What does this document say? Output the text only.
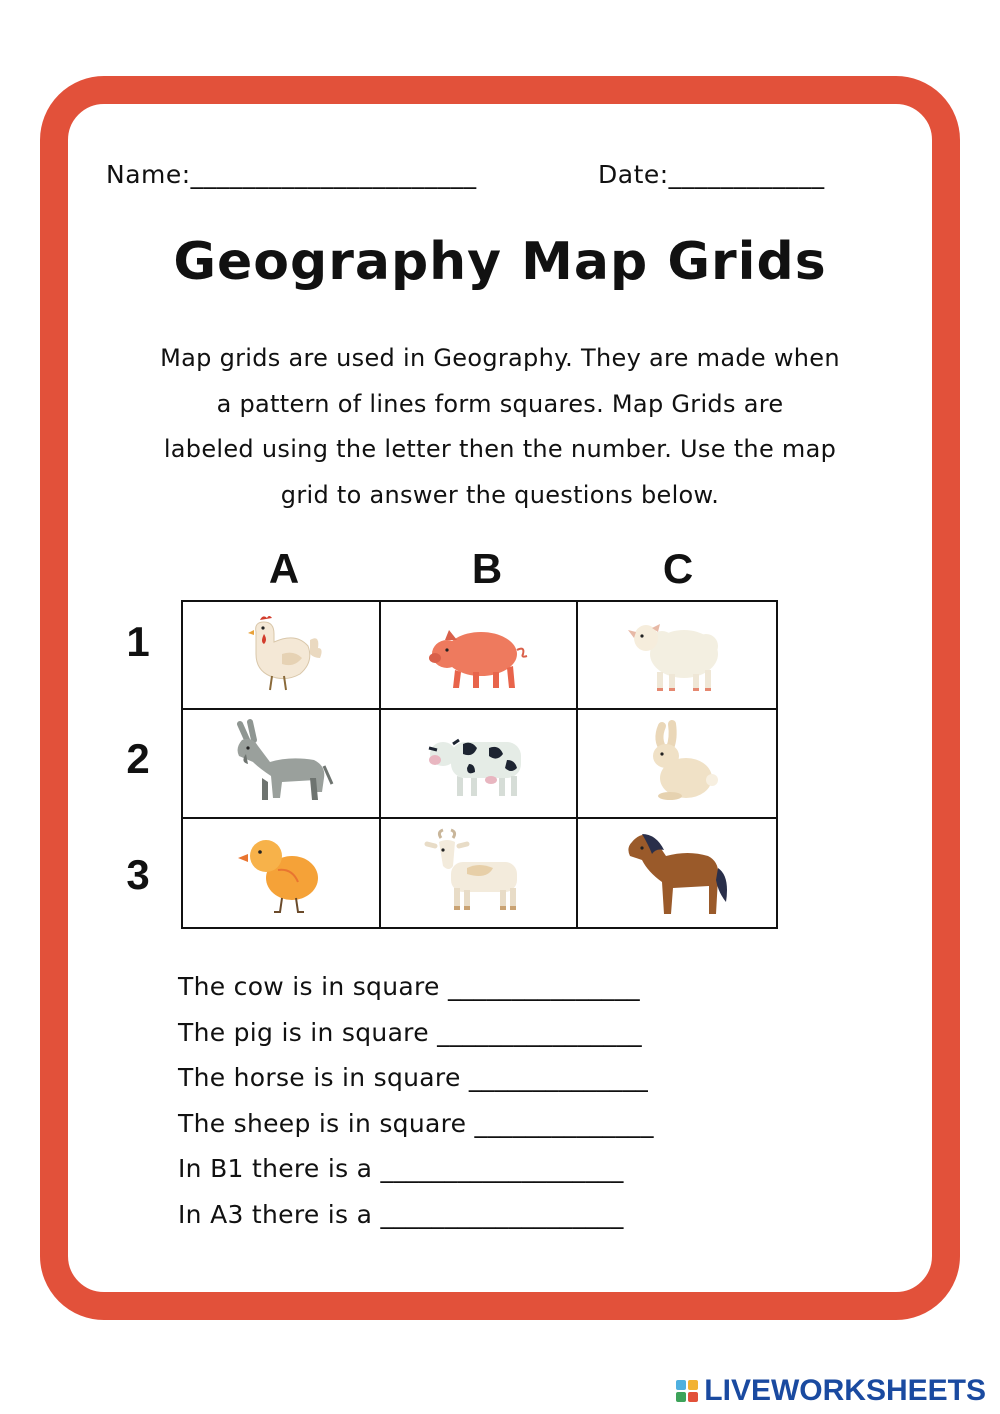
Name:______________________	Date:____________
Geography Map Grids
Map grids are used in Geography. They are made when
a pattern of lines form squares. Map Grids are
labeled using the letter then the number. Use the map
grid to answer the questions below.
A	B	C
1
2
3
The cow is in square _______________
The pig is in square ________________
The horse is in square ______________
The sheep is in square ______________
In B1 there is a ___________________
In A3 there is a ___________________
LIVEWORKSHEETS
